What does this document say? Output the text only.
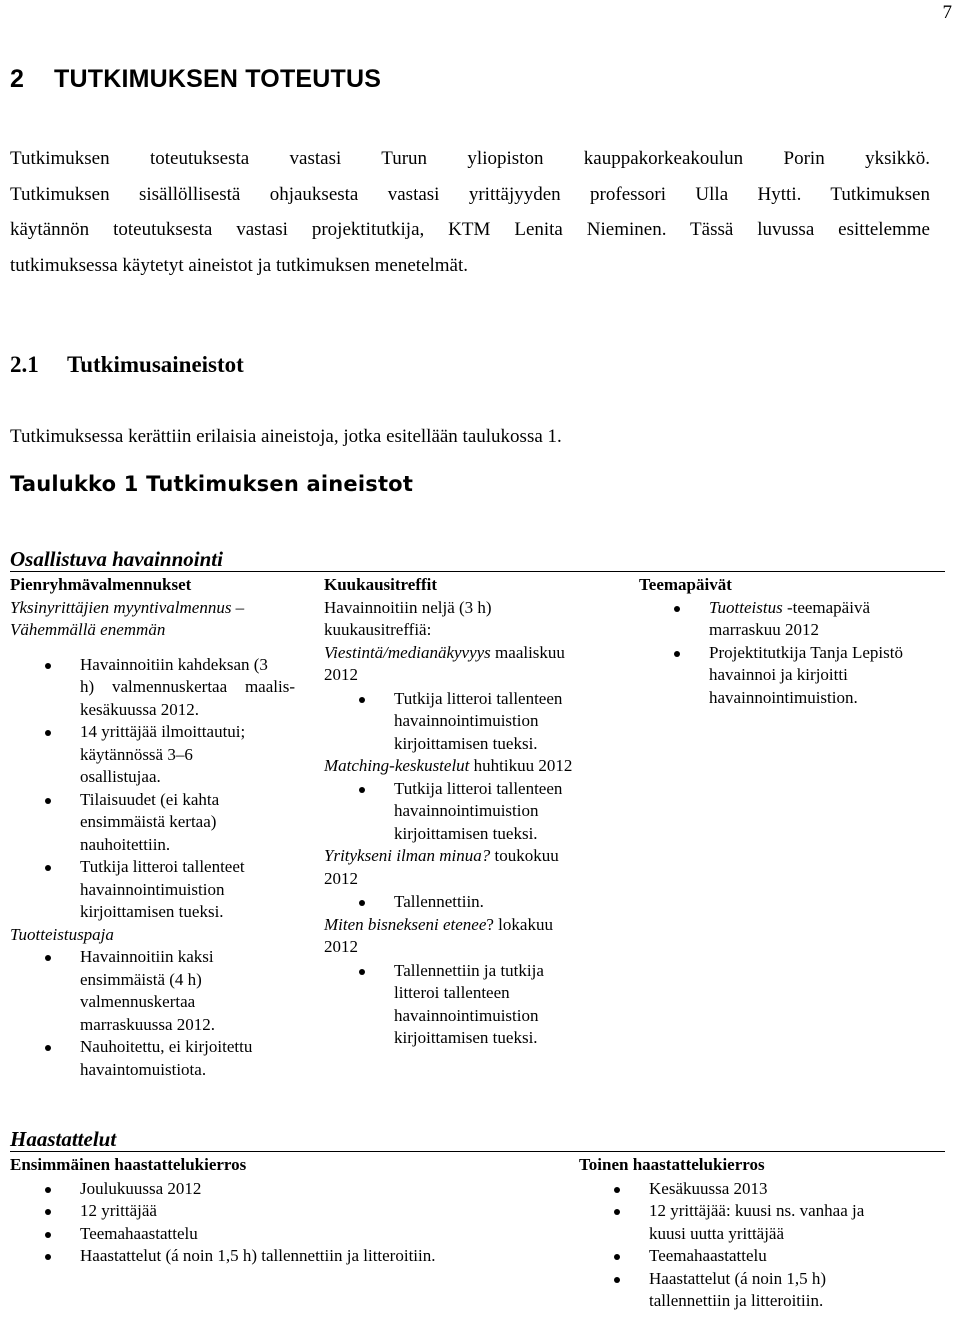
7
2 TUTKIMUKSEN TOTEUTUS
Tutkimuksen toteutuksesta vastasi Turun yliopiston kauppakorkeakoulun Porin yksikkö.
Tutkimuksen sisällöllisestä ohjauksesta vastasi yrittäjyyden professori Ulla Hytti. Tutkimuksen
käytännön toteutuksesta vastasi projektitutkija, KTM Lenita Nieminen. Tässä luvussa esittelemme
tutkimuksessa käytetyt aineistot ja tutkimuksen menetelmät.
2.1 Tutkimusaineistot

Tutkimuksessa kerättiin erilaisia aineistoja, jotka esitellään taulukossa 1.

Taulukko 1 Tutkimuksen aineistot

Osallistuva havainnointi
Pienryhmävalmennukset
Yksinyrittäjien myyntivalmennus –
Vähemmällä enemmän
Havainnoitiin kahdeksan (3
h) valmennuskertaa maalis-
kesäkuussa 2012.
14 yrittäjää ilmoittautui;
käytännössä 3–6
osallistujaa.
Tilaisuudet (ei kahta
ensimmäistä kertaa)
nauhoitettiin.
Tutkija litteroi tallenteet
havainnointimuistion
kirjoittamisen tueksi.
Tuotteistuspaja
Havainnoitiin kaksi
ensimmäistä (4 h)
valmennuskertaa
marraskuussa 2012.
Nauhoitettu, ei kirjoitettu
havaintomuistiota.
Kuukausitreffit
Havainnoitiin neljä (3 h)
kuukausitreffiä:
Viestintä/medianäkyvyys maaliskuu
2012
Tutkija litteroi tallenteen
havainnointimuistion
kirjoittamisen tueksi.
Matching-keskustelut huhtikuu 2012
Tutkija litteroi tallenteen
havainnointimuistion
kirjoittamisen tueksi.
Yritykseni ilman minua? toukokuu
2012
Tallennettiin.
Miten bisnekseni etenee? lokakuu
2012
Tallennettiin ja tutkija
litteroi tallenteen
havainnointimuistion
kirjoittamisen tueksi.
Teemapäivät
Tuotteistus -teemapäivä
marraskuu 2012
Projektitutkija Tanja Lepistö
havainnoi ja kirjoitti
havainnointimuistion.
Haastattelut
Ensimmäinen haastattelukierros
Joulukuussa 2012
12 yrittäjää
Teemahaastattelu
Haastattelut (á noin 1,5 h) tallennettiin ja litteroitiin.
Toinen haastattelukierros
Kesäkuussa 2013
12 yrittäjää: kuusi ns. vanhaa ja
kuusi uutta yrittäjää
Teemahaastattelu
Haastattelut (á noin 1,5 h)
tallennettiin ja litteroitiin.
